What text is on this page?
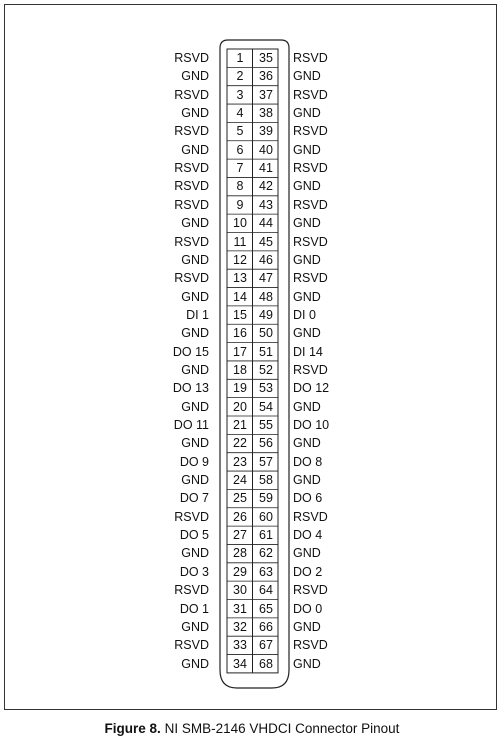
RSVD	1	35	RSVD
GND	2	36	GND
RSVD	3	37	RSVD
GND	4	38	GND
RSVD	5	39	RSVD
GND	6	40	GND
RSVD	7	41	RSVD
RSVD	8	42	GND
RSVD	9	43	RSVD
GND	10 44	GND
RSVD	11	45	RSVD
GND	12 46	GND
RSVD	13 47	RSVD
GND	14 48	GND
DI 1	15 49	DI 0
GND	16 50	GND
DO 15	17 51	DI 14
GND	18 52	RSVD
DO 13	19 53	DO 12
GND	20 54	GND
DO 11	21 55	DO 10
GND	22 56	GND
DO 9	23 57	DO 8
GND	24 58	GND
DO 7	25 59	DO 6
RSVD	26 60	RSVD
DO 5	27 61	DO 4
GND	28 62	GND
DO 3	29 63	DO 2
RSVD	30 64	RSVD
DO 1	31 65	DO 0
GND	32 66	GND
RSVD	33 67	RSVD
GND	34 68	GND
Figure 8. NI SMB-2146 VHDCI Connector Pinout
